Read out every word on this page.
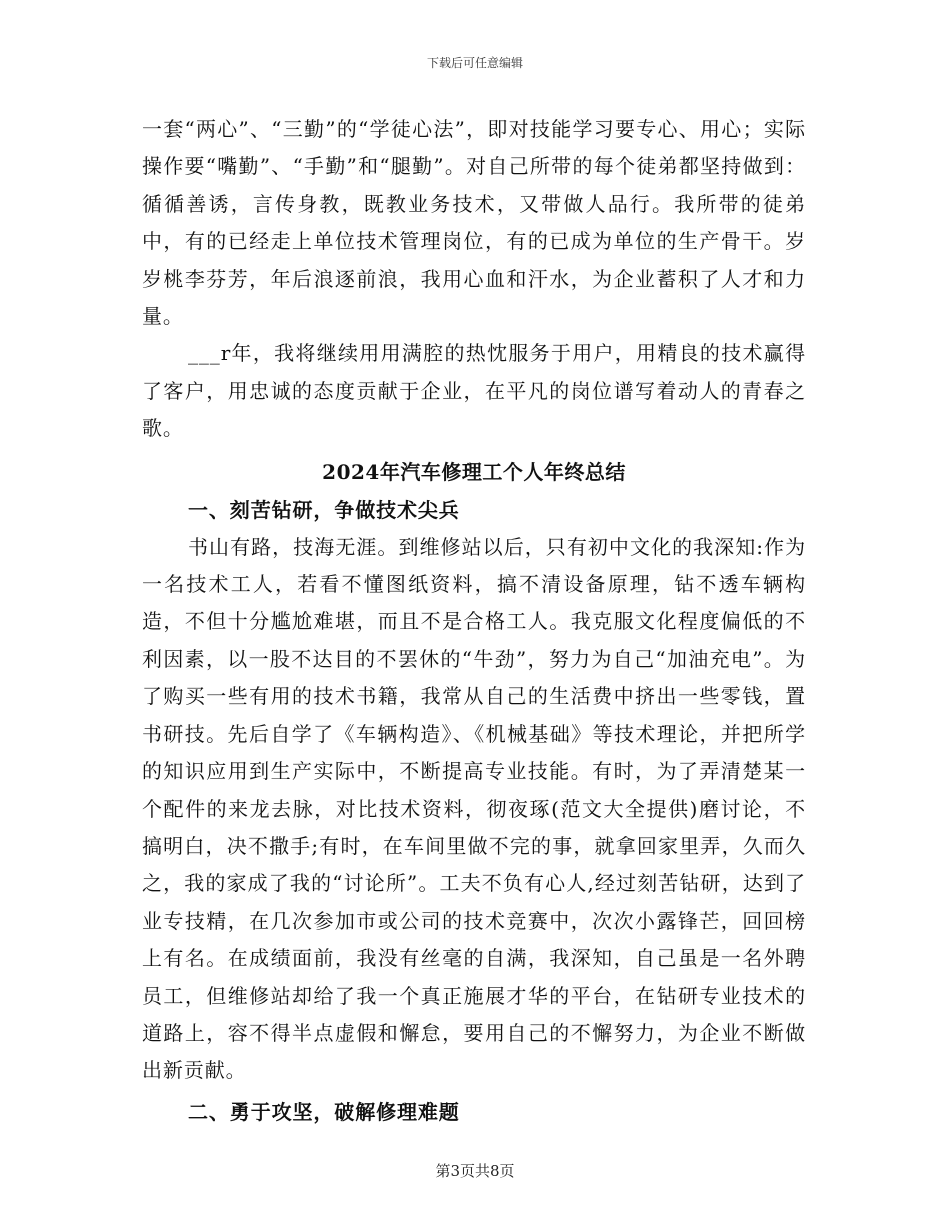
下载后可任意编辑

一套“两心”、“三勤”的“学徒心法”，即对技能学习要专心、用心；实际操作要“嘴勤”、“手勤”和“腿勤”。对自己所带的每个徒弟都坚持做到：循循善诱，言传身教，既教业务技术，又带做人品行。我所带的徒弟中，有的已经走上单位技术管理岗位，有的已成为单位的生产骨干。岁岁桃李芬芳，年后浪逐前浪，我用心血和汗水，为企业蓄积了人才和力量。

___r年，我将继续用用满腔的热忱服务于用户，用精良的技术赢得了客户，用忠诚的态度贡献于企业，在平凡的岗位谱写着动人的青春之歌。

2024年汽车修理工个人年终总结
一、刻苦钻研，争做技术尖兵

书山有路，技海无涯。到维修站以后，只有初中文化的我深知:作为一名技术工人，若看不懂图纸资料，搞不清设备原理，钻不透车辆构造，不但十分尴尬难堪，而且不是合格工人。我克服文化程度偏低的不利因素，以一股不达目的不罢休的“牛劲”，努力为自己“加油充电”。为了购买一些有用的技术书籍，我常从自己的生活费中挤出一些零钱，置书研技。先后自学了《车辆构造》、《机械基础》等技术理论，并把所学的知识应用到生产实际中，不断提高专业技能。有时，为了弄清楚某一个配件的来龙去脉，对比技术资料，彻夜琢(范文大全提供)磨讨论，不搞明白，决不撒手;有时，在车间里做不完的事，就拿回家里弄，久而久之，我的家成了我的“讨论所”。工夫不负有心人,经过刻苦钻研，达到了业专技精，在几次参加市或公司的技术竞赛中，次次小露锋芒，回回榜上有名。在成绩面前，我没有丝毫的自满，我深知，自己虽是一名外聘员工，但维修站却给了我一个真正施展才华的平台，在钻研专业技术的道路上，容不得半点虚假和懈怠，要用自己的不懈努力，为企业不断做出新贡献。

二、勇于攻坚，破解修理难题
第3页共8页
